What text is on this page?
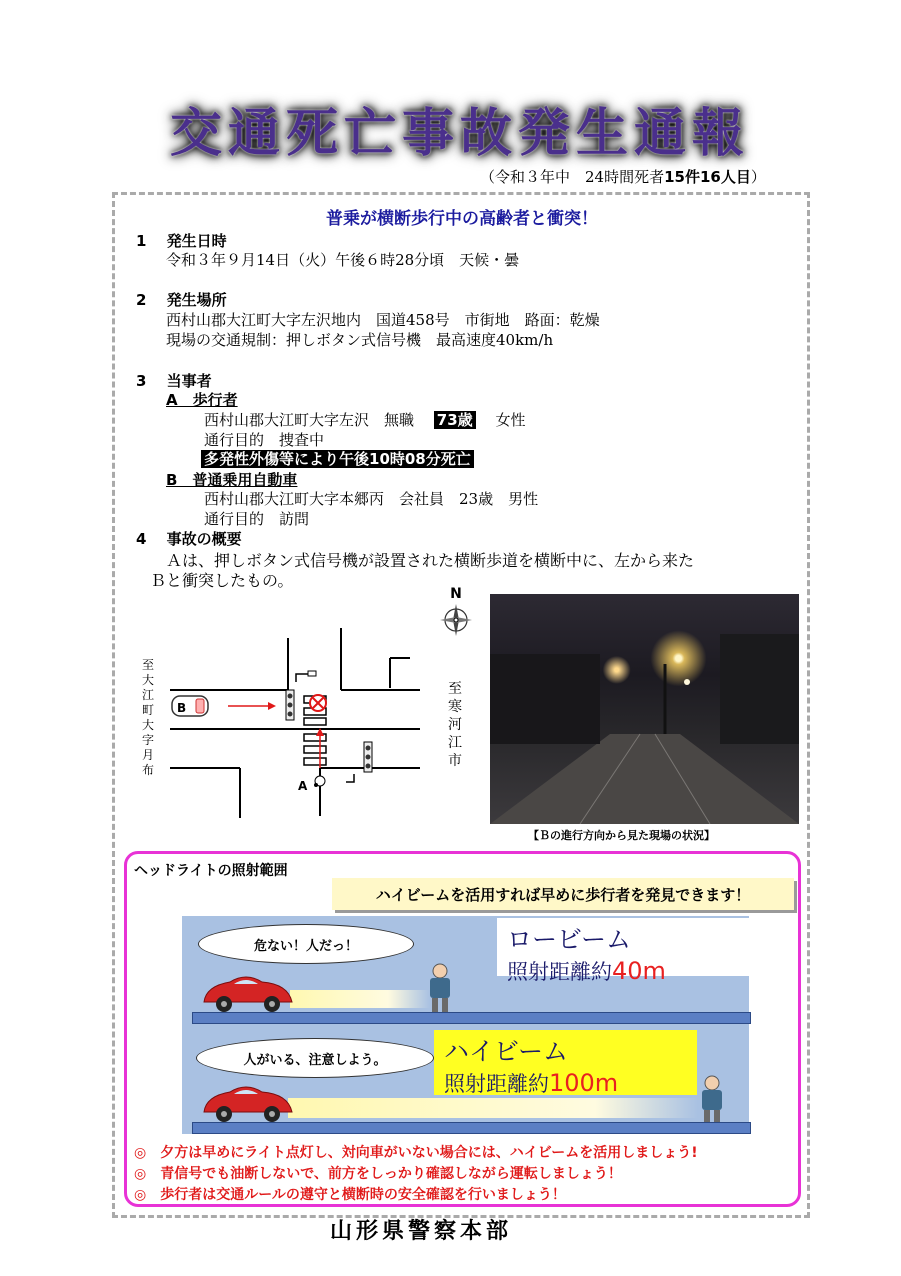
交通死亡事故発生通報
（令和３年中　24時間死者15件16人目）
普乗が横断歩行中の高齢者と衝突！
1　 発生日時
令和３年９月14日（火）午後６時28分頃　天候・曇
2　 発生場所
西村山郡大江町大字左沢地内　国道458号　市街地　路面：乾燥
現場の交通規制：押しボタン式信号機　最高速度40km/h
3　 当事者
A　歩行者
西村山郡大江町大字左沢　無職　 73歳　 女性
通行目的　捜査中
多発性外傷等により午後10時08分死亡
B　普通乗用自動車
西村山郡大江町大字本郷丙　会社員　23歳　男性
通行目的　訪問
4　 事故の概要
Ａは、押しボタン式信号機が設置された横断歩道を横断中に、左から来た
Ｂと衝突したもの。
B
A
至大江町大字月布
至寒河江市
N
【Ｂの進行方向から見た現場の状況】
ヘッドライトの照射範囲
ハイビームを活用すれば早めに歩行者を発見できます！
危ない！人だっ！	ロービーム
照射距離約40m
人がいる、注意しよう。	ハイビーム
照射距離約100m
◎　夕方は早めにライト点灯し、対向車がいない場合には、ハイビームを活用しましょう!
◎　青信号でも油断しないで、前方をしっかり確認しながら運転しましょう！
◎　歩行者は交通ルールの遵守と横断時の安全確認を行いましょう！
山形県警察本部
